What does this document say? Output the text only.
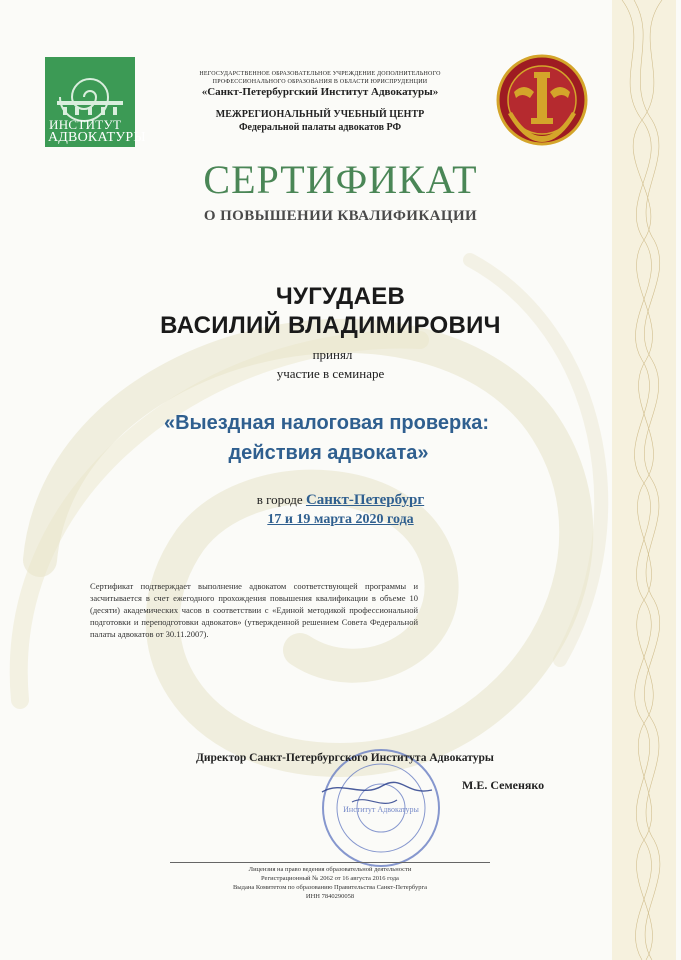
ИНСТИТУТ
АДВОКАТУРЫ
НЕГОСУДАРСТВЕННОЕ ОБРАЗОВАТЕЛЬНОЕ УЧРЕЖДЕНИЕ ДОПОЛНИТЕЛЬНОГО
ПРОФЕССИОНАЛЬНОГО ОБРАЗОВАНИЯ В ОБЛАСТИ ЮРИСПРУДЕНЦИИ
«Санкт-Петербургский Институт Адвокатуры»
МЕЖРЕГИОНАЛЬНЫЙ УЧЕБНЫЙ ЦЕНТР
Федеральной палаты адвокатов РФ
СЕРТИФИКАТ
О ПОВЫШЕНИИ КВАЛИФИКАЦИИ
ЧУГУДАЕВ
ВАСИЛИЙ ВЛАДИМИРОВИЧ
принял
участие в семинаре
«Выездная налоговая проверка:
действия адвоката»
в городе Санкт-Петербург
17 и 19 марта 2020 года
Сертификат подтверждает выполнение адвокатом соответствующей программы и засчитывается в счет ежегодного прохождения повышения квалификации в объеме 10 (десяти) академических часов в соответствии с «Единой методикой профессиональной подготовки и переподготовки адвокатов» (утвержденной решением Совета Федеральной палаты адвокатов от 30.11.2007).
Институт Адвокатуры
Директор Санкт-Петербургского Института Адвокатуры
М.Е. Семеняко
Лицензия на право ведения образовательной деятельности
Регистрационный № 2062 от 16 августа 2016 года
Выдана Комитетом по образованию Правительства Санкт-Петербурга
ИНН 7840290058
